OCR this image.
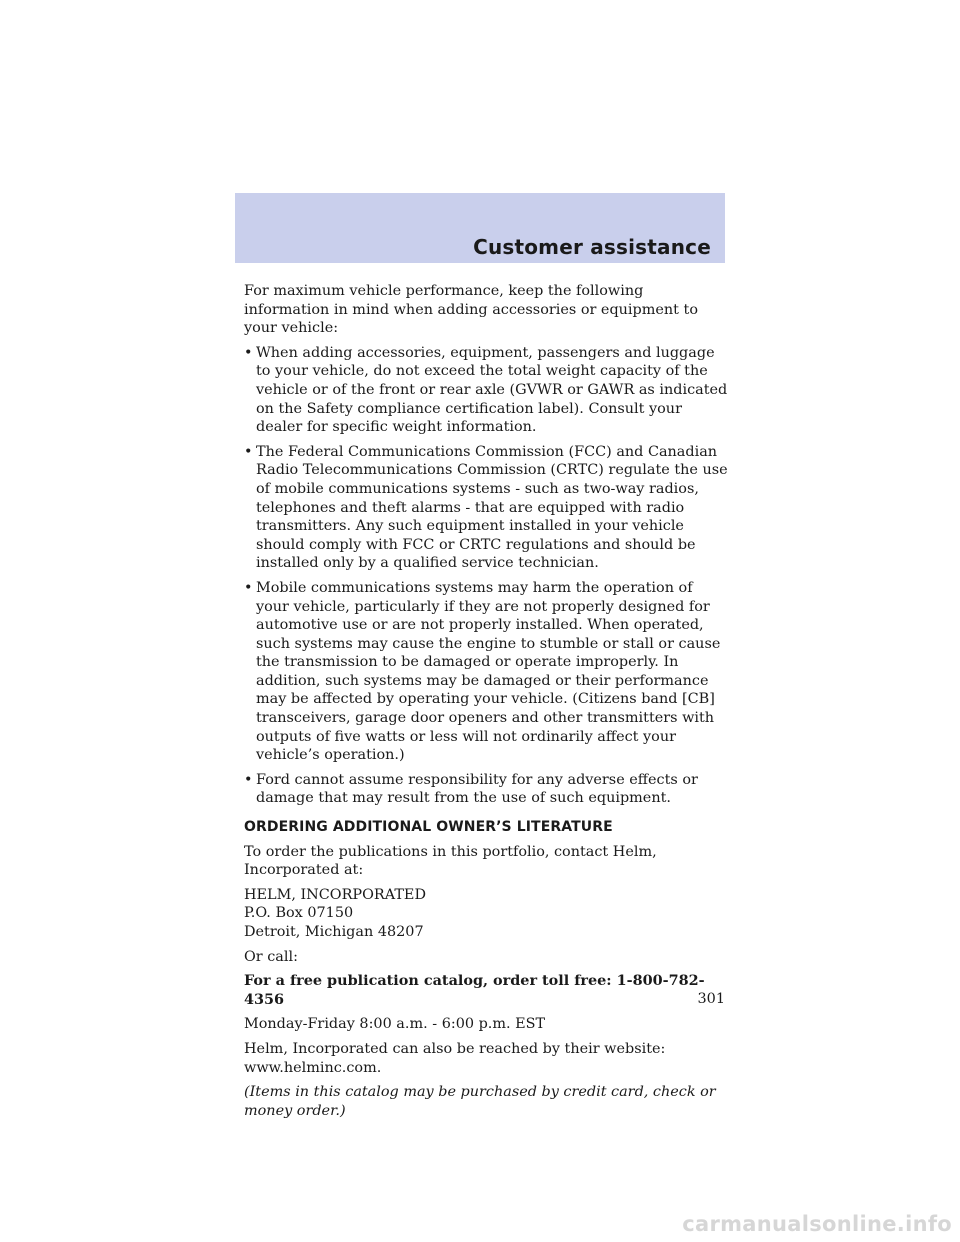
Customer assistance

For maximum vehicle performance, keep the following information in mind when adding accessories or equipment to your vehicle:

• When adding accessories, equipment, passengers and luggage to your vehicle, do not exceed the total weight capacity of the vehicle or of the front or rear axle (GVWR or GAWR as indicated on the Safety compliance certification label). Consult your dealer for specific weight information.
• The Federal Communications Commission (FCC) and Canadian Radio Telecommunications Commission (CRTC) regulate the use of mobile communications systems - such as two-way radios, telephones and theft alarms - that are equipped with radio transmitters. Any such equipment installed in your vehicle should comply with FCC or CRTC regulations and should be installed only by a qualified service technician.
• Mobile communications systems may harm the operation of your vehicle, particularly if they are not properly designed for automotive use or are not properly installed. When operated, such systems may cause the engine to stumble or stall or cause the transmission to be damaged or operate improperly. In addition, such systems may be damaged or their performance may be affected by operating your vehicle. (Citizens band [CB] transceivers, garage door openers and other transmitters with outputs of five watts or less will not ordinarily affect your vehicle’s operation.)
• Ford cannot assume responsibility for any adverse effects or damage that may result from the use of such equipment.
ORDERING ADDITIONAL OWNER’S LITERATURE

To order the publications in this portfolio, contact Helm, Incorporated at:

HELM, INCORPORATED
P.O. Box 07150
Detroit, Michigan 48207

Or call:

For a free publication catalog, order toll free: 1-800-782-4356

Monday-Friday 8:00 a.m. - 6:00 p.m. EST

Helm, Incorporated can also be reached by their website:
www.helminc.com.

(Items in this catalog may be purchased by credit card, check or money order.)

301
carmanualsonline.info
